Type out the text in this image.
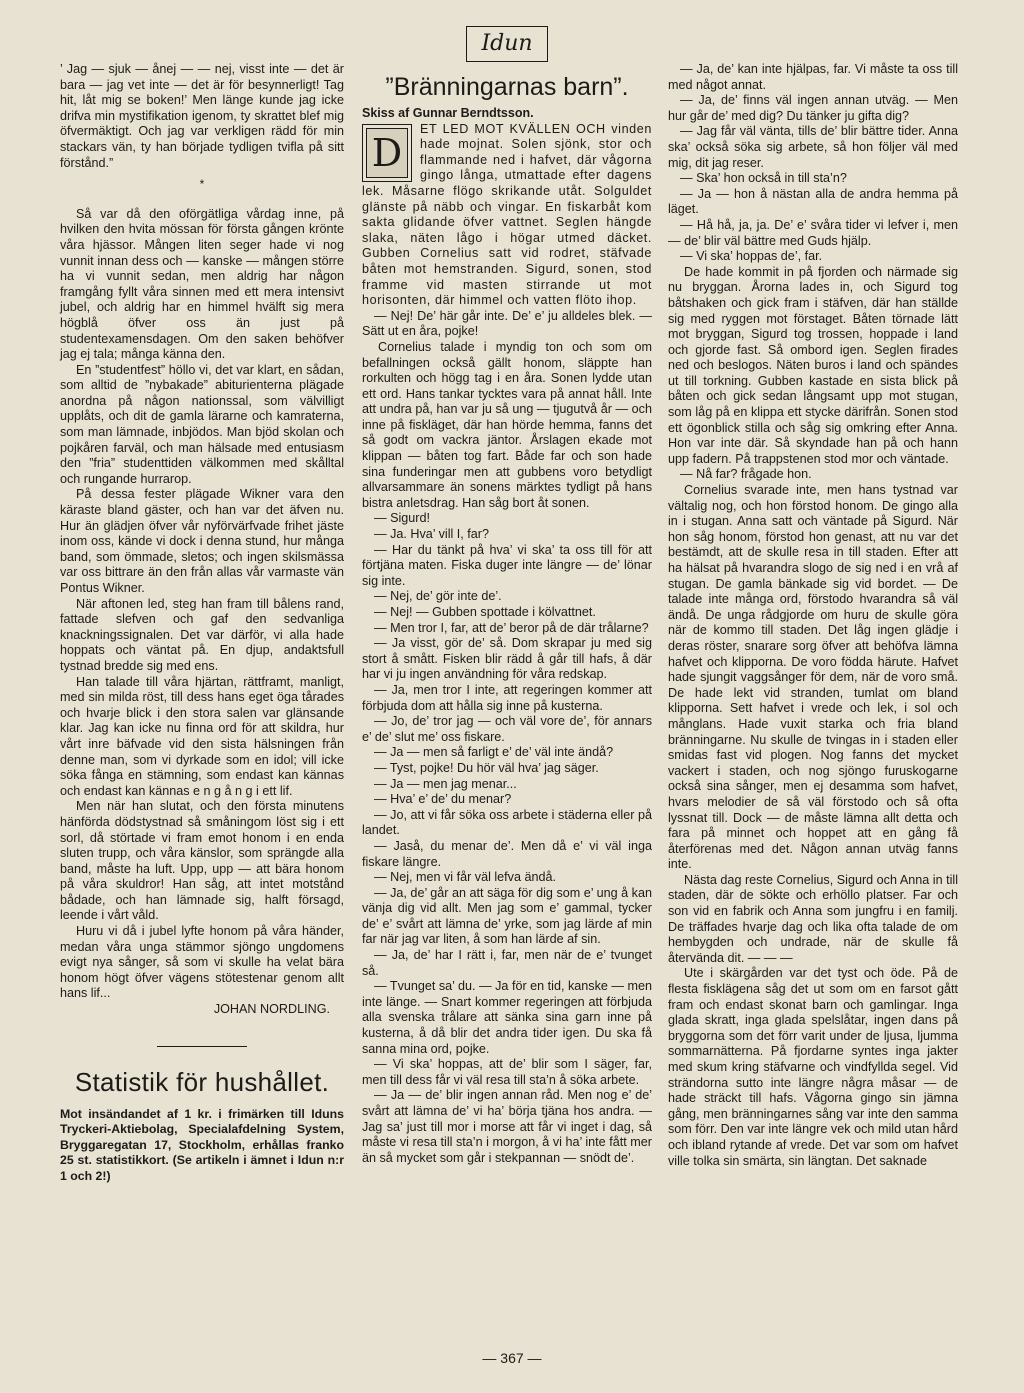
’ Jag — sjuk — ånej — — nej, visst inte — det är bara — jag vet inte — det är för besynnerligt! Tag hit, låt mig se boken!’ Men länge kunde jag icke drifva min mystifikation igenom, ty skrattet blef mig öfvermäktigt. Och jag var verkligen rädd för min stackars vän, ty han började tydligen tvifla på sitt förstånd.”

*

Så var då den oförgätliga vårdag inne, på hvilken den hvita mössan för första gången krönte våra hjässor. Mången liten seger hade vi nog vunnit innan dess och — kanske — mången större ha vi vunnit sedan, men aldrig har någon framgång fyllt våra sinnen med ett mera intensivt jubel, och aldrig har en himmel hvälft sig mera högblå öfver oss än just på studentexamensdagen. Om den saken behöfver jag ej tala; många känna den.

En ”studentfest” höllo vi, det var klart, en sådan, som alltid de ”nybakade” abiturienterna plägade anordna på någon nationssal, som välvilligt upplåts, och dit de gamla lärarne och kamraterna, som man lämnade, inbjödos. Man bjöd skolan och pojkåren farväl, och man hälsade med entusiasm den ”fria” studenttiden välkommen med skålltal och rungande hurrarop.

På dessa fester plägade Wikner vara den käraste bland gäster, och han var det äfven nu. Hur än glädjen öfver vår nyförvärfvade frihet jäste inom oss, kände vi dock i denna stund, hur många band, som ömmade, sletos; och ingen skilsmässa var oss bittrare än den från allas vår varmaste vän Pontus Wikner.

När aftonen led, steg han fram till bålens rand, fattade slefven och gaf den sedvanliga knackningssignalen. Det var därför, vi alla hade hoppats och väntat på. En djup, andaktsfull tystnad bredde sig med ens.

Han talade till våra hjärtan, rättframt, manligt, med sin milda röst, till dess hans eget öga tårades och hvarje blick i den stora salen var glänsande klar. Jag kan icke nu finna ord för att skildra, hur vårt inre bäfvade vid den sista hälsningen från denne man, som vi dyrkade som en idol; vill icke söka fånga en stämning, som endast kan kännas och endast kan kännas e n g å n g i ett lif.

Men när han slutat, och den första minutens hänförda dödstystnad så småningom löst sig i ett sorl, då störtade vi fram emot honom i en enda sluten trupp, och våra känslor, som sprängde alla band, måste ha luft. Upp, upp — att bära honom på våra skuldror! Han såg, att intet motstånd bådade, och han lämnade sig, halft försagd, leende i vårt våld.

Huru vi då i jubel lyfte honom på våra händer, medan våra unga stämmor sjöngo ungdomens evigt nya sånger, så som vi skulle ha velat bära honom högt öfver vägens stötestenar genom allt hans lif...

JOHAN NORDLING.

Statistik för hushållet.

Mot insändandet af 1 kr. i frimärken till Iduns Tryckeri-Aktiebolag, Specialafdelning System, Bryggaregatan 17, Stockholm, erhållas franko 25 st. statistikkort. (Se artikeln i ämnet i Idun n:r 1 och 2!)

Idun
”Bränningarnas barn”.

Skiss af Gunnar Berndtsson.

D

ET LED MOT KVÄLLEN OCH vinden hade mojnat. Solen sjönk, stor och flammande ned i hafvet, där vågorna gingo långa, utmattade efter dagens lek. Måsarne flögo skrikande utåt. Solguldet glänste på näbb och vingar. En fiskarbåt kom sakta glidande öfver vattnet. Seglen hängde slaka, näten lågo i högar utmed däcket. Gubben Cornelius satt vid rodret, stäfvade båten mot hemstranden. Sigurd, sonen, stod framme vid masten stirrande ut mot horisonten, där himmel och vatten flöto ihop.

— Nej! De’ här går inte. De’ e’ ju alldeles blek. — Sätt ut en åra, pojke!

Cornelius talade i myndig ton och som om befallningen också gällt honom, släppte han rorkulten och högg tag i en åra. Sonen lydde utan ett ord. Hans tankar tycktes vara på annat håll. Inte att undra på, han var ju så ung — tjugutvå år — och inne på fiskläget, där han hörde hemma, fanns det så godt om vackra jäntor. Årslagen ekade mot klippan — båten tog fart. Både far och son hade sina funderingar men att gubbens voro betydligt allvarsammare än sonens märktes tydligt på hans bistra anletsdrag. Han såg bort åt sonen.

— Sigurd!

— Ja. Hva’ vill I, far?

— Har du tänkt på hva’ vi ska’ ta oss till för att förtjäna maten. Fiska duger inte längre — de’ lönar sig inte.

— Nej, de’ gör inte de’.

— Nej! — Gubben spottade i kölvattnet.

— Men tror I, far, att de’ beror på de där trålarne?

— Ja visst, gör de’ så. Dom skrapar ju med sig stort å smått. Fisken blir rädd å går till hafs, å där har vi ju ingen användning för våra redskap.

— Ja, men tror I inte, att regeringen kommer att förbjuda dom att hålla sig inne på kusterna.

— Jo, de’ tror jag — och väl vore de’, för annars e’ de’ slut me’ oss fiskare.

— Ja — men så farligt e’ de’ väl inte ändå?

— Tyst, pojke! Du hör väl hva’ jag säger.

— Ja — men jag menar...

— Hva’ e’ de’ du menar?

— Jo, att vi får söka oss arbete i städerna eller på landet.

— Jaså, du menar de’. Men då e’ vi väl inga fiskare längre.

— Nej, men vi får väl lefva ändå.

— Ja, de’ går an att säga för dig som e’ ung å kan vänja dig vid allt. Men jag som e’ gammal, tycker de’ e’ svårt att lämna de’ yrke, som jag lärde af min far när jag var liten, å som han lärde af sin.

— Ja, de’ har I rätt i, far, men när de e’ tvunget så.

— Tvunget sa’ du. — Ja för en tid, kanske — men inte länge. — Snart kommer regeringen att förbjuda alla svenska trålare att sänka sina garn inne på kusterna, å då blir det andra tider igen. Du ska få sanna mina ord, pojke.

— Vi ska’ hoppas, att de’ blir som I säger, far, men till dess får vi väl resa till sta’n å söka arbete.

— Ja — de’ blir ingen annan råd. Men nog e’ de’ svårt att lämna de’ vi ha’ börja tjäna hos andra. — Jag sa’ just till mor i morse att får vi inget i dag, så måste vi resa till sta’n i morgon, å vi ha’ inte fått mer än så mycket som går i stekpannan — snödt de’.

— Ja, de’ kan inte hjälpas, far. Vi måste ta oss till med något annat.

— Ja, de’ finns väl ingen annan utväg. — Men hur går de’ med dig? Du tänker ju gifta dig?

— Jag får väl vänta, tills de’ blir bättre tider. Anna ska’ också söka sig arbete, så hon följer väl med mig, dit jag reser.

— Ska’ hon också in till sta’n?

— Ja — hon å nästan alla de andra hemma på läget.

— Hå hå, ja, ja. De’ e’ svåra tider vi lefver i, men — de’ blir väl bättre med Guds hjälp.

— Vi ska’ hoppas de’, far.

De hade kommit in på fjorden och närmade sig nu bryggan. Årorna lades in, och Sigurd tog båtshaken och gick fram i stäfven, där han ställde sig med ryggen mot förstaget. Båten törnade lätt mot bryggan, Sigurd tog trossen, hoppade i land och gjorde fast. Så ombord igen. Seglen firades ned och beslogos. Näten buros i land och spändes ut till torkning. Gubben kastade en sista blick på båten och gick sedan långsamt upp mot stugan, som låg på en klippa ett stycke därifrån. Sonen stod ett ögonblick stilla och såg sig omkring efter Anna. Hon var inte där. Så skyndade han på och hann upp fadern. På trappstenen stod mor och väntade.

— Nå far? frågade hon.

Cornelius svarade inte, men hans tystnad var vältalig nog, och hon förstod honom. De gingo alla in i stugan. Anna satt och väntade på Sigurd. När hon såg honom, förstod hon genast, att nu var det bestämdt, att de skulle resa in till staden. Efter att ha hälsat på hvarandra slogo de sig ned i en vrå af stugan. De gamla bänkade sig vid bordet. — De talade inte många ord, förstodo hvarandra så väl ändå. De unga rådgjorde om huru de skulle göra när de kommo till staden. Det låg ingen glädje i deras röster, snarare sorg öfver att behöfva lämna hafvet och klipporna. De voro födda härute. Hafvet hade sjungit vaggsånger för dem, när de voro små. De hade lekt vid stranden, tumlat om bland klipporna. Sett hafvet i vrede och lek, i sol och månglans. Hade vuxit starka och fria bland bränningarne. Nu skulle de tvingas in i staden eller smidas fast vid plogen. Nog fanns det mycket vackert i staden, och nog sjöngo furuskogarne också sina sånger, men ej desamma som hafvet, hvars melodier de så väl förstodo och så ofta lyssnat till. Dock — de måste lämna allt detta och fara på minnet och hoppet att en gång få återförenas med det. Någon annan utväg fanns inte.

Nästa dag reste Cornelius, Sigurd och Anna in till staden, där de sökte och erhöllo platser. Far och son vid en fabrik och Anna som jungfru i en familj. De träffades hvarje dag och lika ofta talade de om hembygden och undrade, när de skulle få återvända dit. — — —

Ute i skärgården var det tyst och öde. På de flesta fisklägena såg det ut som om en farsot gått fram och endast skonat barn och gamlingar. Inga glada skratt, inga glada spelslåtar, ingen dans på bryggorna som det förr varit under de ljusa, ljumma sommarnätterna. På fjordarne syntes inga jakter med skum kring stäfvarne och vindfyllda segel. Vid strändorna sutto inte längre några måsar — de hade sträckt till hafs. Vågorna gingo sin jämna gång, men bränningarnes sång var inte den samma som förr. Den var inte längre vek och mild utan hård och ibland rytande af vrede. Det var som om hafvet ville tolka sin smärta, sin längtan. Det saknade

— 367 —
